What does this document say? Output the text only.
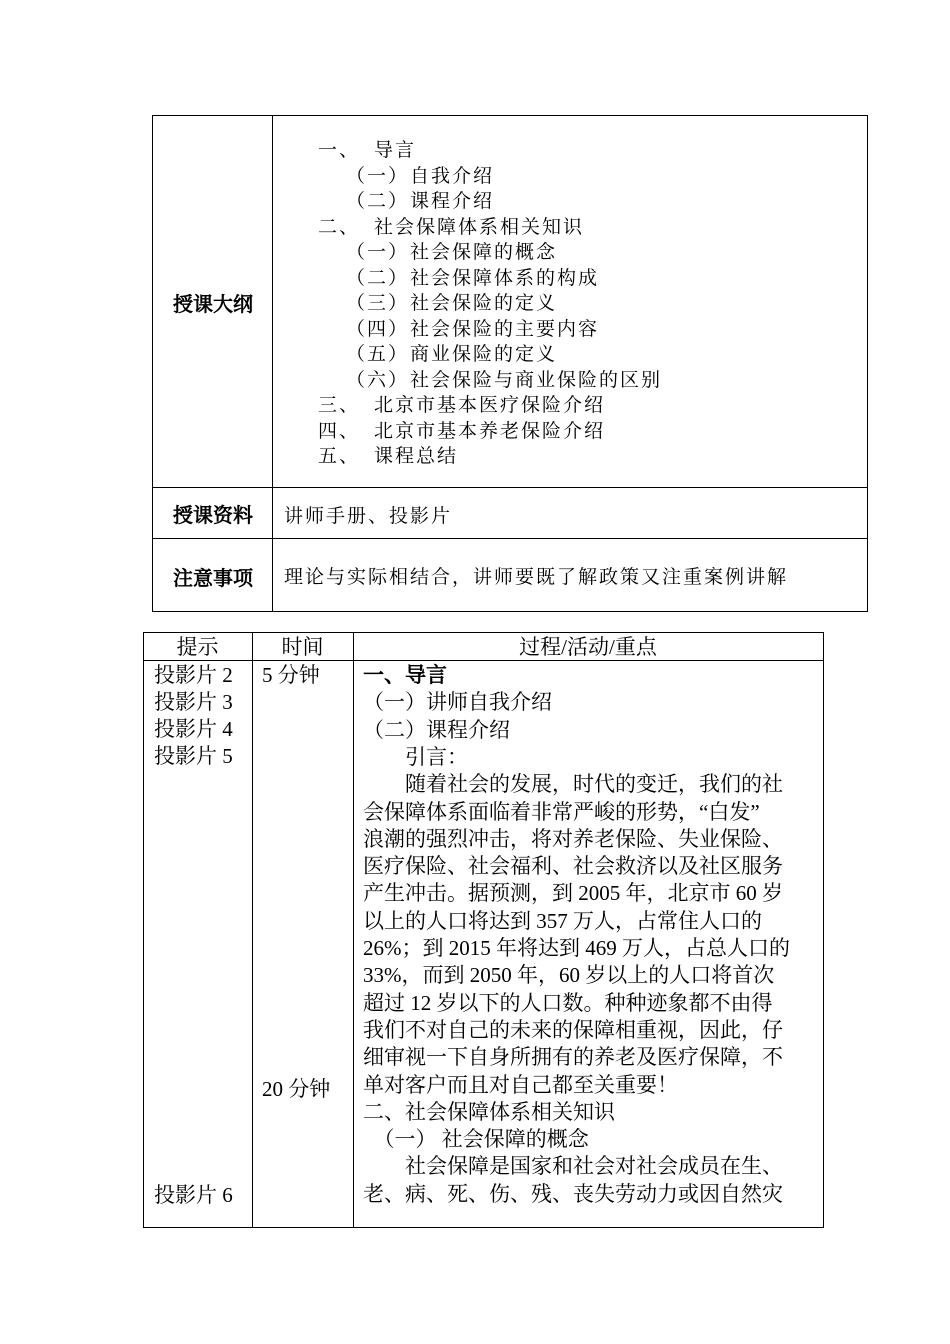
授课大纲
授课资料
注意事项
一、 导言
（一）自我介绍
（二）课程介绍
二、 社会保障体系相关知识
（一）社会保障的概念
（二）社会保障体系的构成
（三）社会保险的定义
（四）社会保险的主要内容
（五）商业保险的定义
（六）社会保险与商业保险的区别
三、 北京市基本医疗保险介绍
四、 北京市基本养老保险介绍
五、 课程总结
讲师手册、投影片
理论与实际相结合，讲师要既了解政策又注重案例讲解
提示	时间	过程/活动/重点
投影片 2
投影片 3
投影片 4
投影片 5
投影片 6
5 分钟
20 分钟
一、导言
（一）讲师自我介绍
（二）课程介绍
　　引言：
　　随着社会的发展，时代的变迁，我们的社
会保障体系面临着非常严峻的形势，“白发”
浪潮的强烈冲击，将对养老保险、失业保险、
医疗保险、社会福利、社会救济以及社区服务
产生冲击。据预测，到 2005 年，北京市 60 岁
以上的人口将达到 357 万人，占常住人口的
26%；到 2015 年将达到 469 万人，占总人口的
33%，而到 2050 年，60 岁以上的人口将首次
超过 12 岁以下的人口数。种种迹象都不由得
我们不对自己的未来的保障相重视，因此，仔
细审视一下自身所拥有的养老及医疗保障，不
单对客户而且对自己都至关重要！
二、社会保障体系相关知识
　（一） 社会保障的概念
　　社会保障是国家和社会对社会成员在生、
老、病、死、伤、残、丧失劳动力或因自然灾
